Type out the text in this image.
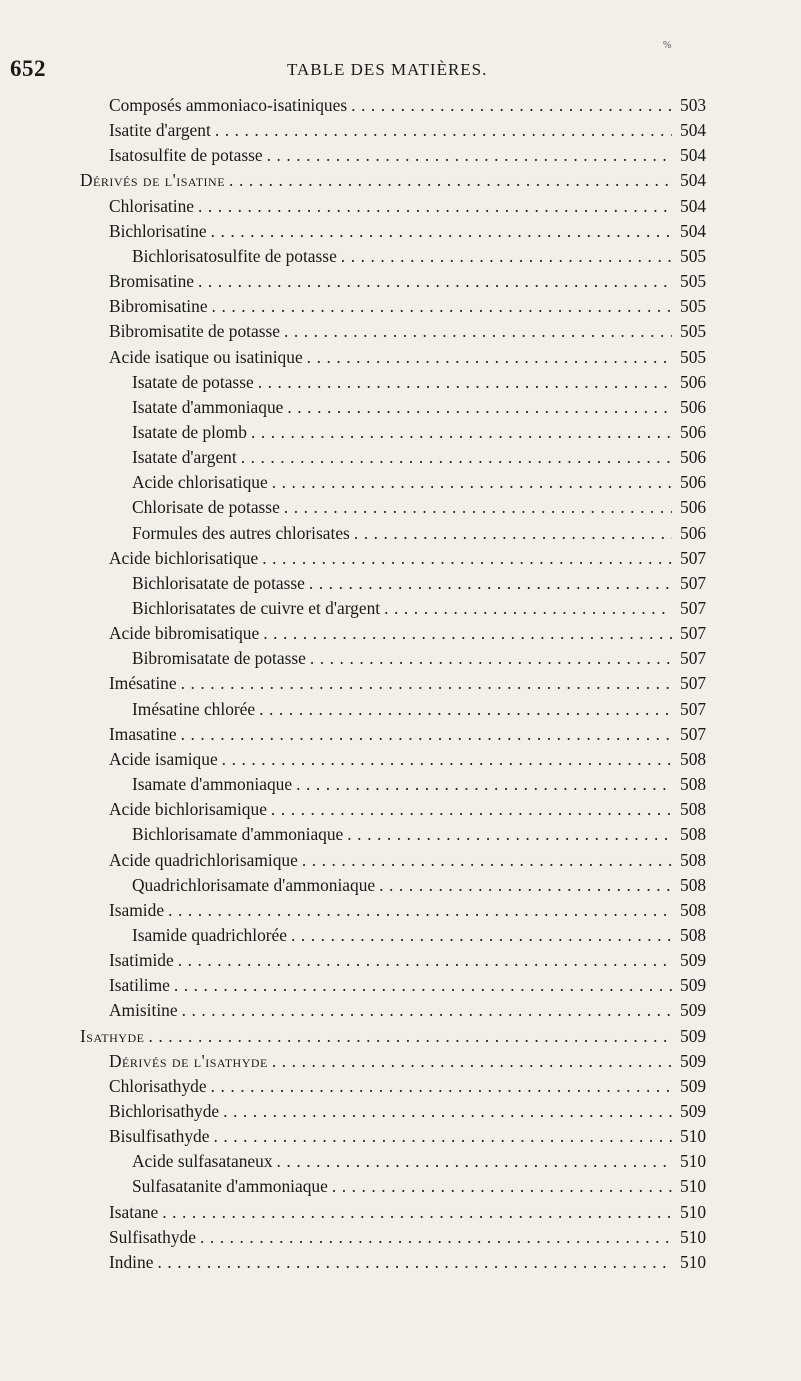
652	TABLE DES MATIÈRES.
%
Composés ammoniaco-isatiniques . . .	503
Isatite d'argent . . .	504
Isatosulfite de potasse . . .	504
Dérivés de l'isatine . . .	504
Chlorisatine . . .	504
Bichlorisatine . . .	504
Bichlorisatosulfite de potasse . . .	505
Bromisatine . . .	505
Bibromisatine . . .	505
Bibromisatite de potasse . . .	505
Acide isatique ou isatinique . . .	505
Isatate de potasse . . .	506
Isatate d'ammoniaque . . .	506
Isatate de plomb . . .	506
Isatate d'argent . . .	506
Acide chlorisatique . . .	506
Chlorisate de potasse . . .	506
Formules des autres chlorisates . . .	506
Acide bichlorisatique . . .	507
Bichlorisatate de potasse . . .	507
Bichlorisatates de cuivre et d'argent . . .	507
Acide bibromisatique . . .	507
Bibromisatate de potasse . . .	507
Imésatine . . .	507
Imésatine chlorée . . .	507
Imasatine . . .	507
Acide isamique . . .	508
Isamate d'ammoniaque . . .	508
Acide bichlorisamique . . .	508
Bichlorisamate d'ammoniaque . . .	508
Acide quadrichlorisamique . . .	508
Quadrichlorisamate d'ammoniaque . . .	508
Isamide . . .	508
Isamide quadrichlorée . . .	508
Isatimide . . .	509
Isatilime . . .	509
Amisitine . . .	509
Isathyde . . .	509
Dérivés de l'isathyde . . .	509
Chlorisathyde . . .	509
Bichlorisathyde . . .	509
Bisulfisathyde . . .	510
Acide sulfasataneux . . .	510
Sulfasatanite d'ammoniaque . . .	510
Isatane . . .	510
Sulfisathyde . . .	510
Indine . . .	510
